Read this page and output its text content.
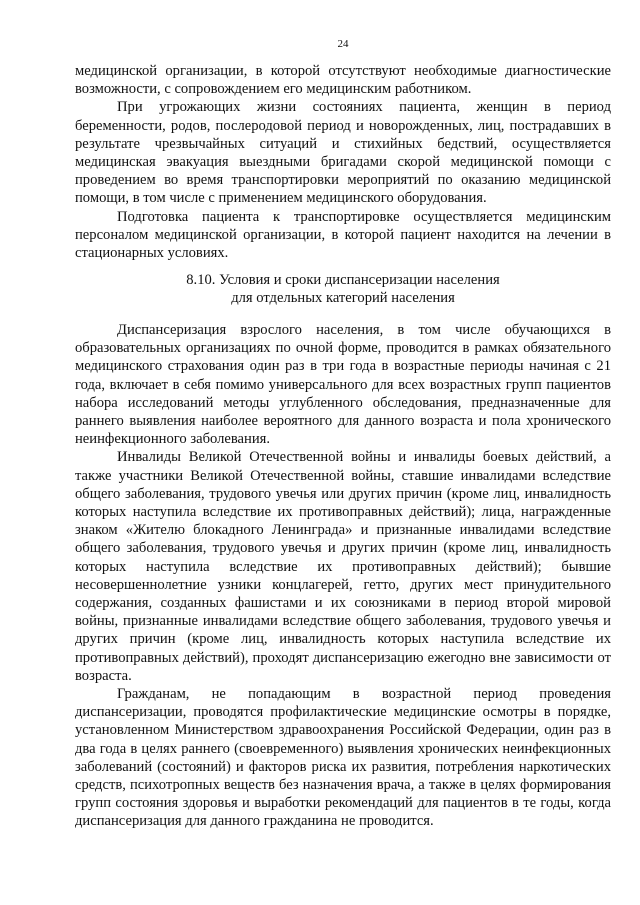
24

медицинской организации, в которой отсутствуют необходимые диагностические возможности, с сопровождением его медицинским работником.

При угрожающих жизни состояниях пациента, женщин в период беременности, родов, послеродовой период и новорожденных, лиц, пострадавших в результате чрезвычайных ситуаций и стихийных бедствий, осуществляется медицинская эвакуация выездными бригадами скорой медицинской помощи с проведением во время транспортировки мероприятий по оказанию медицинской помощи, в том числе с применением медицинского оборудования.

Подготовка пациента к транспортировке осуществляется медицинским персоналом медицинской организации, в которой пациент находится на лечении в стационарных условиях.

8.10. Условия и сроки диспансеризации населения
для отдельных категорий населения

Диспансеризация взрослого населения, в том числе обучающихся в образовательных организациях по очной форме, проводится в рамках обязательного медицинского страхования один раз в три года в возрастные периоды начиная с 21 года, включает в себя помимо универсального для всех возрастных групп пациентов набора исследований методы углубленного обследования, предназначенные для раннего выявления наиболее вероятного для данного возраста и пола хронического неинфекционного заболевания.

Инвалиды Великой Отечественной войны и инвалиды боевых действий, а также участники Великой Отечественной войны, ставшие инвалидами вследствие общего заболевания, трудового увечья или других причин (кроме лиц, инвалидность которых наступила вследствие их противоправных действий); лица, награжденные знаком «Жителю блокадного Ленинграда» и признанные инвалидами вследствие общего заболевания, трудового увечья и других причин (кроме лиц, инвалидность которых наступила вследствие их противоправных действий); бывшие несовершеннолетние узники концлагерей, гетто, других мест принудительного содержания, созданных фашистами и их союзниками в период второй мировой войны, признанные инвалидами вследствие общего заболевания, трудового увечья и других причин (кроме лиц, инвалидность которых наступила вследствие их противоправных действий), проходят диспансеризацию ежегодно вне зависимости от возраста.

Гражданам, не попадающим в возрастной период проведения диспансеризации, проводятся профилактические медицинские осмотры в порядке, установленном Министерством здравоохранения Российской Федерации, один раз в два года в целях раннего (своевременного) выявления хронических неинфекционных заболеваний (состояний) и факторов риска их развития, потребления наркотических средств, психотропных веществ без назначения врача, а также в целях формирования групп состояния здоровья и выработки рекомендаций для пациентов в те годы, когда диспансеризация для данного гражданина не проводится.
